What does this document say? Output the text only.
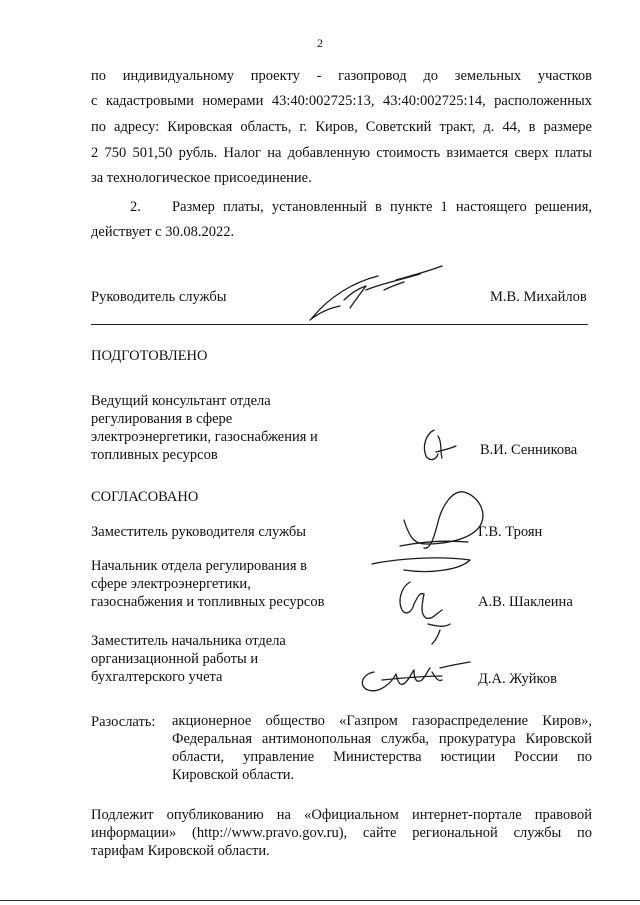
2
по индивидуальному проекту - газопровод до земельных участков
с кадастровыми номерами 43:40:002725:13, 43:40:002725:14, расположенных
по адресу: Кировская область, г. Киров, Советский тракт, д. 44, в размере
2 750 501,50 рубль. Налог на добавленную стоимость взимается сверх платы
за технологическое присоединение.
2. Размер платы, установленный в пункте 1 настоящего решения,
действует с 30.08.2022.
Руководитель службы	М.В. Михайлов
ПОДГОТОВЛЕНО
Ведущий консультант отдела
регулирования в сфере
электроэнергетики, газоснабжения и
топливных ресурсов	В.И. Сенникова
СОГЛАСОВАНО
Заместитель руководителя службы	Г.В. Троян
Начальник отдела регулирования в
сфере электроэнергетики,
газоснабжения и топливных ресурсов	А.В. Шаклеина
Заместитель начальника отдела
организационной работы и
бухгалтерского учета	Д.А. Жуйков
Разослать: акционерное общество «Газпром газораспределение Киров»,
Федеральная антимонопольная служба, прокуратура Кировской
области, управление Министерства юстиции России по
Кировской области.
Подлежит опубликованию на «Официальном интернет-портале правовой
информации» (http://www.pravo.gov.ru), сайте региональной службы по
тарифам Кировской области.
